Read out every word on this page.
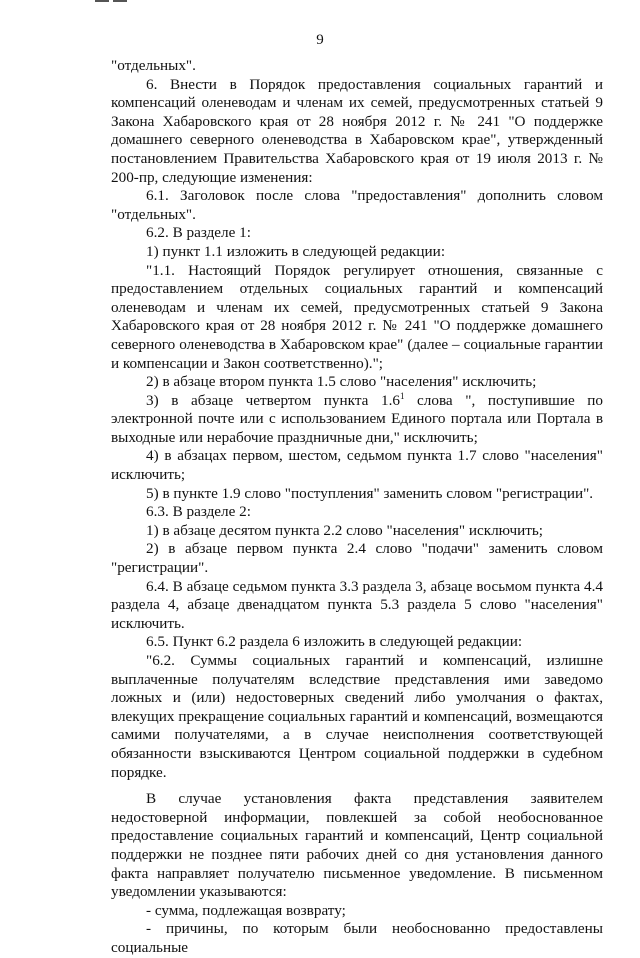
9

"отдельных".

6. Внести в Порядок предоставления социальных гарантий и компенсаций оленеводам и членам их семей, предусмотренных статьей 9 Закона Хабаровского края от 28 ноября 2012 г. № 241 "О поддержке домашнего северного оленеводства в Хабаровском крае", утвержденный постановлением Правительства Хабаровского края от 19 июля 2013 г. № 200-пр, следующие изменения:

6.1. Заголовок после слова "предоставления" дополнить словом "отдельных".

6.2. В разделе 1:

1) пункт 1.1 изложить в следующей редакции:

"1.1. Настоящий Порядок регулирует отношения, связанные с предоставлением отдельных социальных гарантий и компенсаций оленеводам и членам их семей, предусмотренных статьей 9 Закона Хабаровского края от 28 ноября 2012 г. № 241 "О поддержке домашнего северного оленеводства в Хабаровском крае" (далее – социальные гарантии и компенсации и Закон соответственно).";

2) в абзаце втором пункта 1.5 слово "населения" исключить;

3) в абзаце четвертом пункта $1.6^1$ слова ", поступившие по электронной почте или с использованием Единого портала или Портала в выходные или нерабочие праздничные дни," исключить;

4) в абзацах первом, шестом, седьмом пункта 1.7 слово "населения" исключить;

5) в пункте 1.9 слово "поступления" заменить словом "регистрации".

6.3. В разделе 2:

1) в абзаце десятом пункта 2.2 слово "населения" исключить;

2) в абзаце первом пункта 2.4 слово "подачи" заменить словом "регистрации".

6.4. В абзаце седьмом пункта 3.3 раздела 3, абзаце восьмом пункта 4.4 раздела 4, абзаце двенадцатом пункта 5.3 раздела 5 слово "населения" исключить.

6.5. Пункт 6.2 раздела 6 изложить в следующей редакции:

"6.2. Суммы социальных гарантий и компенсаций, излишне выплаченные получателям вследствие представления ими заведомо ложных и (или) недостоверных сведений либо умолчания о фактах, влекущих прекращение социальных гарантий и компенсаций, возмещаются самими получателями, а в случае неисполнения соответствующей обязанности взыскиваются Центром социальной поддержки в судебном порядке.

В случае установления факта представления заявителем недостоверной информации, повлекшей за собой необоснованное предоставление социальных гарантий и компенсаций, Центр социальной поддержки не позднее пяти рабочих дней со дня установления данного факта направляет получателю письменное уведомление. В письменном уведомлении указываются:

- сумма, подлежащая возврату;

- причины, по которым были необоснованно предоставлены социальные
